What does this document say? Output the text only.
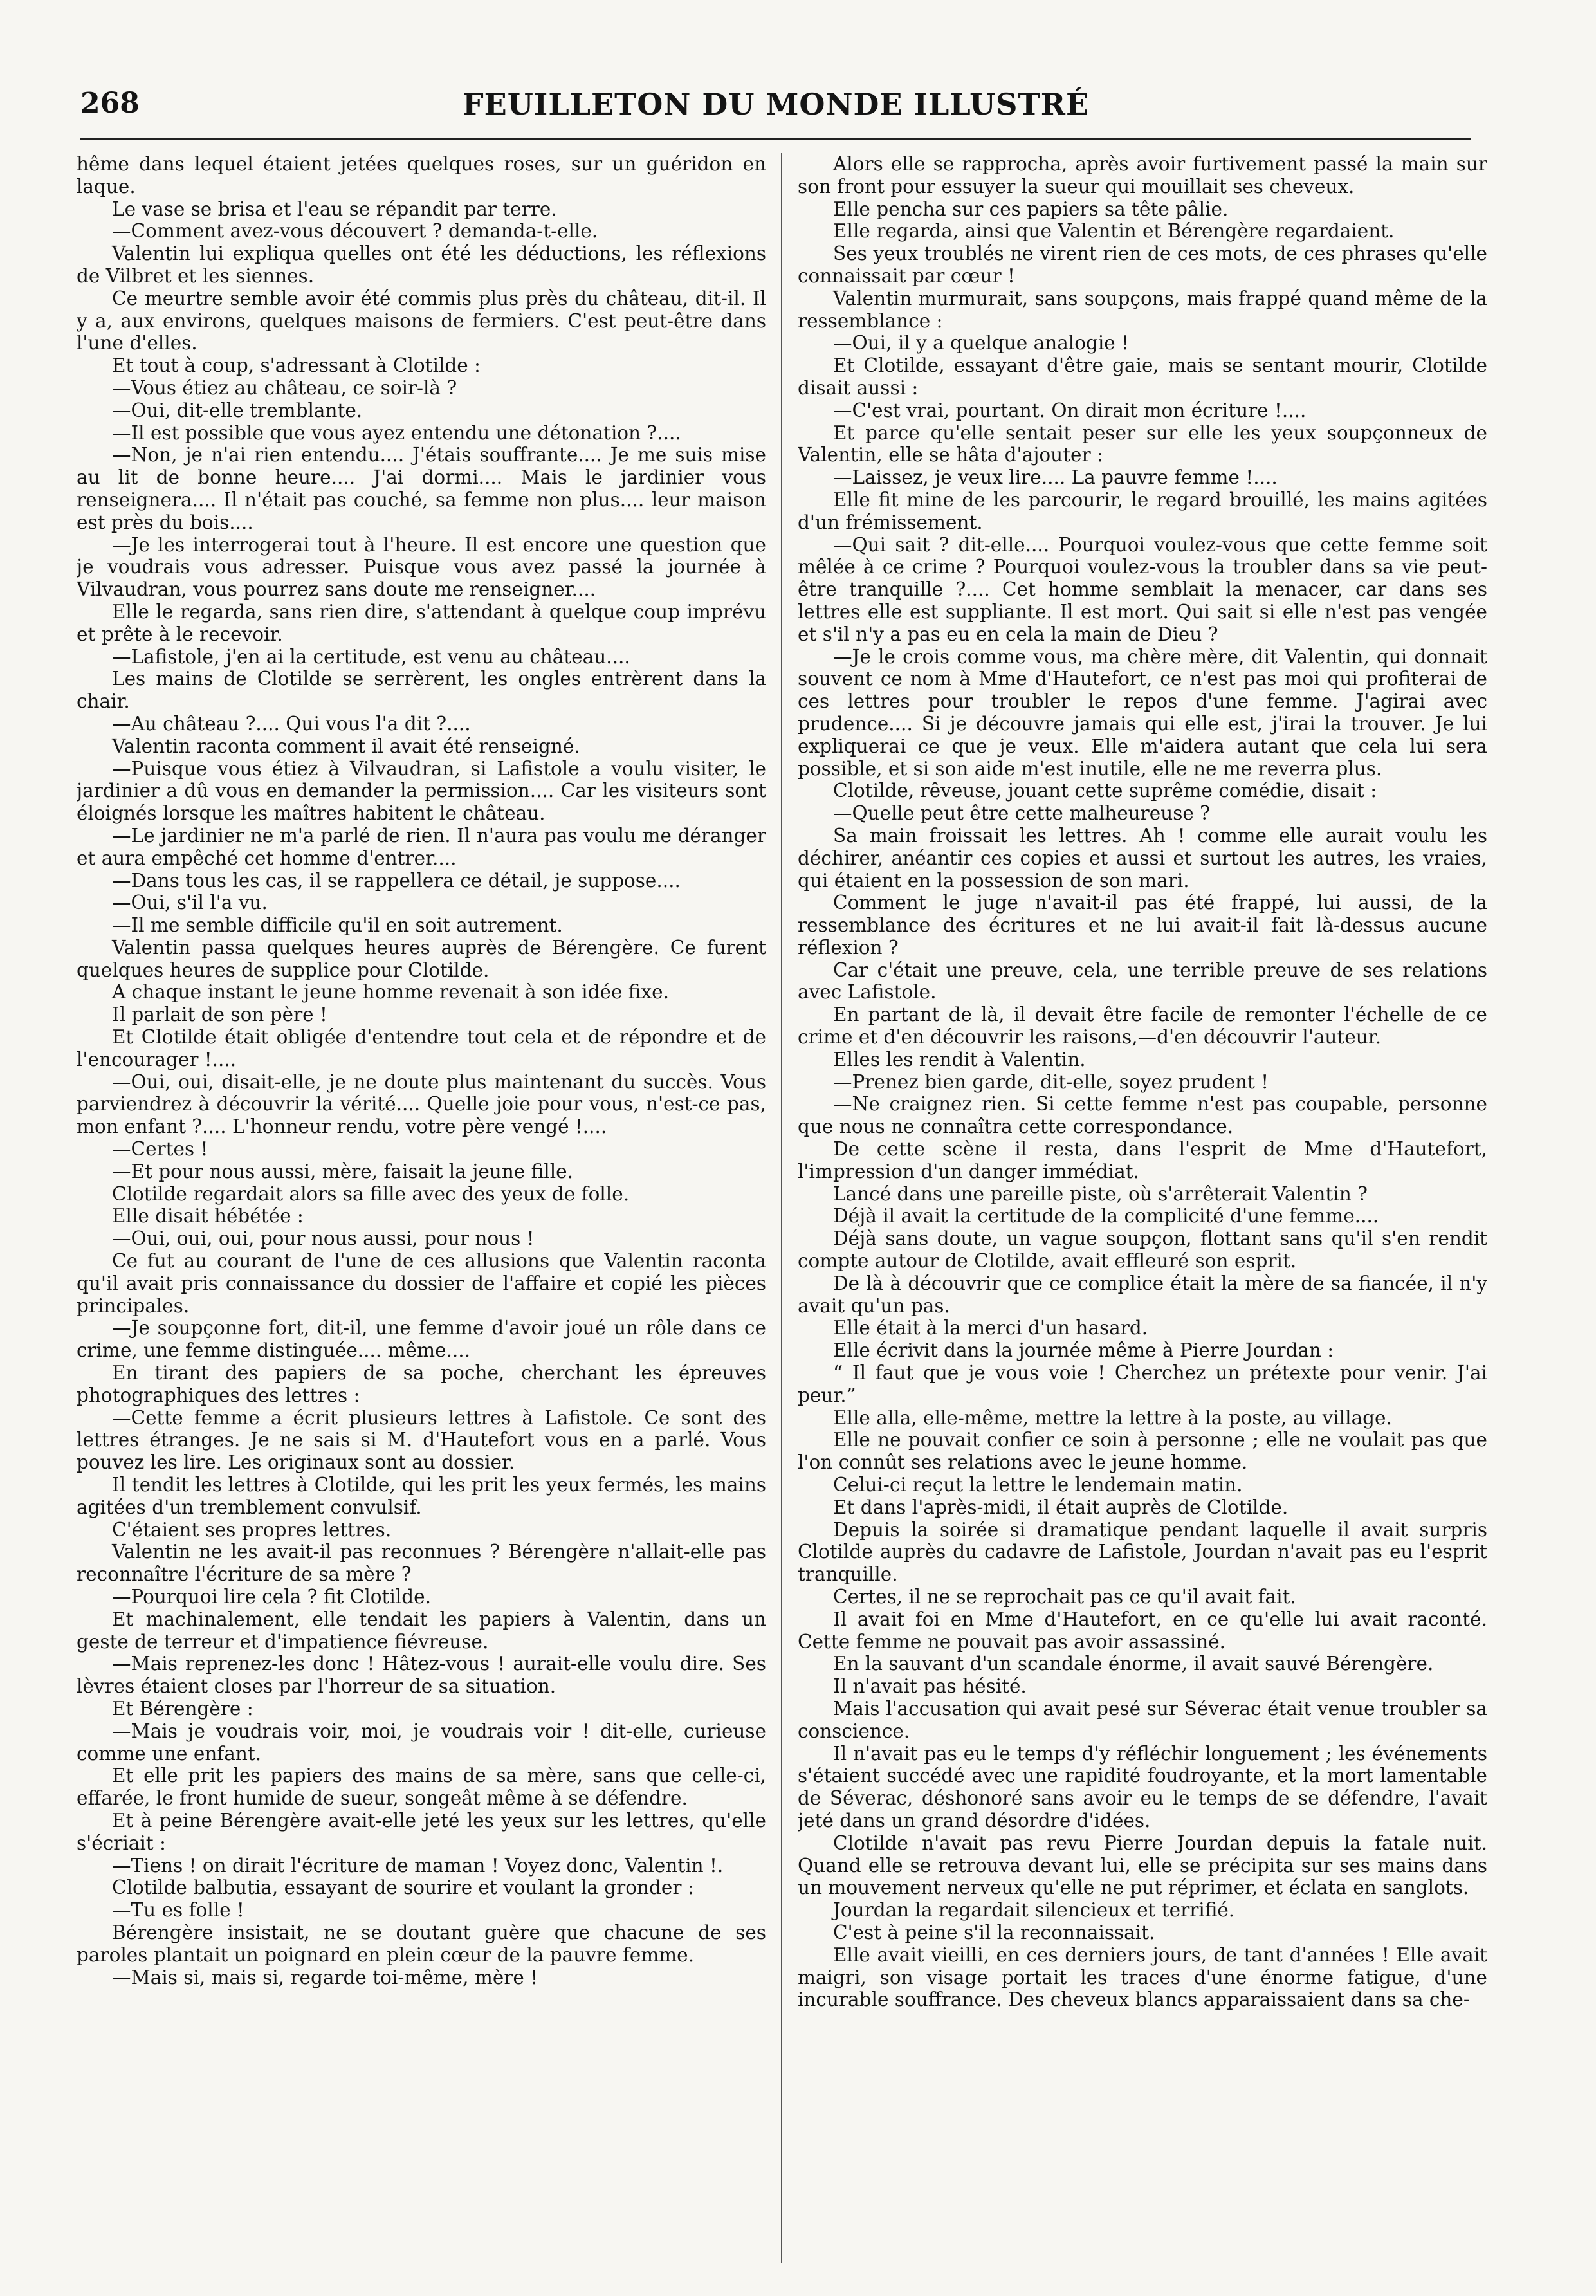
268	FEUILLETON DU MONDE ILLUSTRÉ

hême dans lequel étaient jetées quelques roses, sur un guéridon en laque.

Le vase se brisa et l'eau se répandit par terre.

—Comment avez-vous découvert ? demanda-t-elle.

Valentin lui expliqua quelles ont été les déductions, les réflexions de Vilbret et les siennes.

Ce meurtre semble avoir été commis plus près du château, dit-il. Il y a, aux environs, quelques maisons de fermiers. C'est peut-être dans l'une d'elles.

Et tout à coup, s'adressant à Clotilde :

—Vous étiez au château, ce soir-là ?

—Oui, dit-elle tremblante.

—Il est possible que vous ayez entendu une détonation ?....

—Non, je n'ai rien entendu.... J'étais souffrante.... Je me suis mise au lit de bonne heure.... J'ai dormi.... Mais le jardinier vous renseignera.... Il n'était pas couché, sa femme non plus.... leur maison est près du bois....

—Je les interrogerai tout à l'heure. Il est encore une question que je voudrais vous adresser. Puisque vous avez passé la journée à Vilvaudran, vous pourrez sans doute me renseigner....

Elle le regarda, sans rien dire, s'attendant à quelque coup imprévu et prête à le recevoir.

—Lafistole, j'en ai la certitude, est venu au château....

Les mains de Clotilde se serrèrent, les ongles entrèrent dans la chair.

—Au château ?.... Qui vous l'a dit ?....

Valentin raconta comment il avait été renseigné.

—Puisque vous étiez à Vilvaudran, si Lafistole a voulu visiter, le jardinier a dû vous en demander la permission.... Car les visiteurs sont éloignés lorsque les maîtres habitent le château.

—Le jardinier ne m'a parlé de rien. Il n'aura pas voulu me déranger et aura empêché cet homme d'entrer....

—Dans tous les cas, il se rappellera ce détail, je suppose....

—Oui, s'il l'a vu.

—Il me semble difficile qu'il en soit autrement.

Valentin passa quelques heures auprès de Bérengère. Ce furent quelques heures de supplice pour Clotilde.

A chaque instant le jeune homme revenait à son idée fixe.

Il parlait de son père !

Et Clotilde était obligée d'entendre tout cela et de répondre et de l'encourager !....

—Oui, oui, disait-elle, je ne doute plus maintenant du succès. Vous parviendrez à découvrir la vérité.... Quelle joie pour vous, n'est-ce pas, mon enfant ?.... L'honneur rendu, votre père vengé !....

—Certes !

—Et pour nous aussi, mère, faisait la jeune fille.

Clotilde regardait alors sa fille avec des yeux de folle.

Elle disait hébétée :

—Oui, oui, oui, pour nous aussi, pour nous !

Ce fut au courant de l'une de ces allusions que Valentin raconta qu'il avait pris connaissance du dossier de l'affaire et copié les pièces principales.

—Je soupçonne fort, dit-il, une femme d'avoir joué un rôle dans ce crime, une femme distinguée.... même....

En tirant des papiers de sa poche, cherchant les épreuves photographiques des lettres :

—Cette femme a écrit plusieurs lettres à Lafistole. Ce sont des lettres étranges. Je ne sais si M. d'Hautefort vous en a parlé. Vous pouvez les lire. Les originaux sont au dossier.

Il tendit les lettres à Clotilde, qui les prit les yeux fermés, les mains agitées d'un tremblement convulsif.

C'étaient ses propres lettres.

Valentin ne les avait-il pas reconnues ? Bérengère n'allait-elle pas reconnaître l'écriture de sa mère ?

—Pourquoi lire cela ? fit Clotilde.

Et machinalement, elle tendait les papiers à Valentin, dans un geste de terreur et d'impatience fiévreuse.

—Mais reprenez-les donc ! Hâtez-vous ! aurait-elle voulu dire. Ses lèvres étaient closes par l'horreur de sa situation.

Et Bérengère :

—Mais je voudrais voir, moi, je voudrais voir ! dit-elle, curieuse comme une enfant.

Et elle prit les papiers des mains de sa mère, sans que celle-ci, effarée, le front humide de sueur, songeât même à se défendre.

Et à peine Bérengère avait-elle jeté les yeux sur les lettres, qu'elle s'écriait :

—Tiens ! on dirait l'écriture de maman ! Voyez donc, Valentin !.

Clotilde balbutia, essayant de sourire et voulant la gronder :

—Tu es folle !

Bérengère insistait, ne se doutant guère que chacune de ses paroles plantait un poignard en plein cœur de la pauvre femme.

—Mais si, mais si, regarde toi-même, mère !

Alors elle se rapprocha, après avoir furtivement passé la main sur son front pour essuyer la sueur qui mouillait ses cheveux.

Elle pencha sur ces papiers sa tête pâlie.

Elle regarda, ainsi que Valentin et Bérengère regardaient.

Ses yeux troublés ne virent rien de ces mots, de ces phrases qu'elle connaissait par cœur !

Valentin murmurait, sans soupçons, mais frappé quand même de la ressemblance :

—Oui, il y a quelque analogie !

Et Clotilde, essayant d'être gaie, mais se sentant mourir, Clotilde disait aussi :

—C'est vrai, pourtant. On dirait mon écriture !....

Et parce qu'elle sentait peser sur elle les yeux soupçonneux de Valentin, elle se hâta d'ajouter :

—Laissez, je veux lire.... La pauvre femme !....

Elle fit mine de les parcourir, le regard brouillé, les mains agitées d'un frémissement.

—Qui sait ? dit-elle.... Pourquoi voulez-vous que cette femme soit mêlée à ce crime ? Pourquoi voulez-vous la troubler dans sa vie peut-être tranquille ?.... Cet homme semblait la menacer, car dans ses lettres elle est suppliante. Il est mort. Qui sait si elle n'est pas vengée et s'il n'y a pas eu en cela la main de Dieu ?

—Je le crois comme vous, ma chère mère, dit Valentin, qui donnait souvent ce nom à Mme d'Hautefort, ce n'est pas moi qui profiterai de ces lettres pour troubler le repos d'une femme. J'agirai avec prudence.... Si je découvre jamais qui elle est, j'irai la trouver. Je lui expliquerai ce que je veux. Elle m'aidera autant que cela lui sera possible, et si son aide m'est inutile, elle ne me reverra plus.

Clotilde, rêveuse, jouant cette suprême comédie, disait :

—Quelle peut être cette malheureuse ?

Sa main froissait les lettres. Ah ! comme elle aurait voulu les déchirer, anéantir ces copies et aussi et surtout les autres, les vraies, qui étaient en la possession de son mari.

Comment le juge n'avait-il pas été frappé, lui aussi, de la ressemblance des écritures et ne lui avait-il fait là-dessus aucune réflexion ?

Car c'était une preuve, cela, une terrible preuve de ses relations avec Lafistole.

En partant de là, il devait être facile de remonter l'échelle de ce crime et d'en découvrir les raisons,—d'en découvrir l'auteur.

Elles les rendit à Valentin.

—Prenez bien garde, dit-elle, soyez prudent !

—Ne craignez rien. Si cette femme n'est pas coupable, personne que nous ne connaîtra cette correspondance.

De cette scène il resta, dans l'esprit de Mme d'Hautefort, l'impression d'un danger immédiat.

Lancé dans une pareille piste, où s'arrêterait Valentin ?

Déjà il avait la certitude de la complicité d'une femme....

Déjà sans doute, un vague soupçon, flottant sans qu'il s'en rendit compte autour de Clotilde, avait effleuré son esprit.

De là à découvrir que ce complice était la mère de sa fiancée, il n'y avait qu'un pas.

Elle était à la merci d'un hasard.

Elle écrivit dans la journée même à Pierre Jourdan :

“ Il faut que je vous voie ! Cherchez un prétexte pour venir. J'ai peur.”

Elle alla, elle-même, mettre la lettre à la poste, au village.

Elle ne pouvait confier ce soin à personne ; elle ne voulait pas que l'on connût ses relations avec le jeune homme.

Celui-ci reçut la lettre le lendemain matin.

Et dans l'après-midi, il était auprès de Clotilde.

Depuis la soirée si dramatique pendant laquelle il avait surpris Clotilde auprès du cadavre de Lafistole, Jourdan n'avait pas eu l'esprit tranquille.

Certes, il ne se reprochait pas ce qu'il avait fait.

Il avait foi en Mme d'Hautefort, en ce qu'elle lui avait raconté. Cette femme ne pouvait pas avoir assassiné.

En la sauvant d'un scandale énorme, il avait sauvé Bérengère.

Il n'avait pas hésité.

Mais l'accusation qui avait pesé sur Séverac était venue troubler sa conscience.

Il n'avait pas eu le temps d'y réfléchir longuement ; les événements s'étaient succédé avec une rapidité foudroyante, et la mort lamentable de Séverac, déshonoré sans avoir eu le temps de se défendre, l'avait jeté dans un grand désordre d'idées.

Clotilde n'avait pas revu Pierre Jourdan depuis la fatale nuit. Quand elle se retrouva devant lui, elle se précipita sur ses mains dans un mouvement nerveux qu'elle ne put réprimer, et éclata en sanglots.

Jourdan la regardait silencieux et terrifié.

C'est à peine s'il la reconnaissait.

Elle avait vieilli, en ces derniers jours, de tant d'années ! Elle avait maigri, son visage portait les traces d'une énorme fatigue, d'une incurable souffrance. Des cheveux blancs apparaissaient dans sa che-
